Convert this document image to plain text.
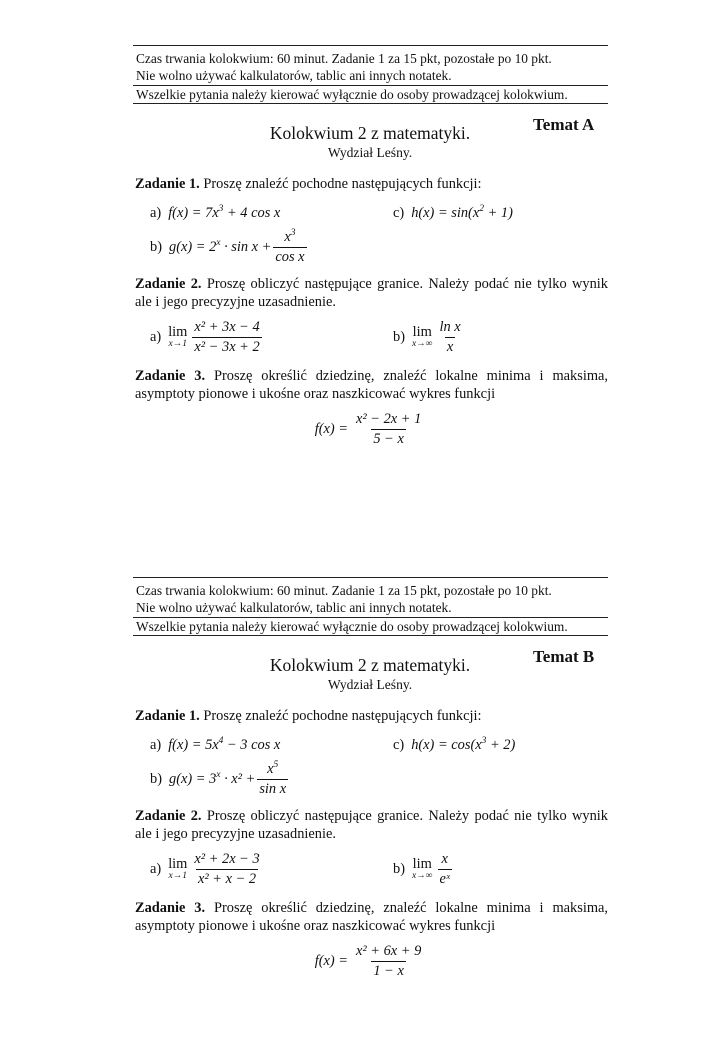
Czas trwania kolokwium: 60 minut. Zadanie 1 za 15 pkt, pozostałe po 10 pkt.
Nie wolno używać kalkulatorów, tablic ani innych notatek.
Wszelkie pytania należy kierować wyłącznie do osoby prowadzącej kolokwium.
Kolokwium 2 z matematyki.
Wydział Leśny.
Temat A
Zadanie 1. Proszę znaleźć pochodne następujących funkcji:
a) $f(x) = 7x^3 + 4$ cos x	c) $h(x) = \sin(x^2 + 1)$
b) $g(x) = 2^x \cdot \sin x + \frac{x^3}{\text{cos x}}$
Zadanie 2. Proszę obliczyć następujące granice. Należy podać nie tylko wynik ale i jego precyzyjne uzasadnienie.
a) lim
$x\to 1 \frac{\text{x² + 3x − 4}}{\text{x² − 3x + 2}}$	b) lim
$x\to\infty \frac{\text{ln x}}{x}$
Zadanie 3. Proszę określić dziedzinę, znaleźć lokalne minima i maksima, asymptoty pionowe i ukośne oraz naszkicować wykres funkcji
$f(x) = \frac{\text{x² − 2x + 1}}{5 - x}$
Czas trwania kolokwium: 60 minut. Zadanie 1 za 15 pkt, pozostałe po 10 pkt.
Nie wolno używać kalkulatorów, tablic ani innych notatek.
Wszelkie pytania należy kierować wyłącznie do osoby prowadzącej kolokwium.
Kolokwium 2 z matematyki.
Wydział Leśny.
Temat B
Zadanie 1. Proszę znaleźć pochodne następujących funkcji:
a) $f(x) = 5x^4 - 3$ cos x	c) $h(x) = \cos(x^3 + 2)$
b) $g(x) = 3^x \cdot x^2 + \frac{x^5}{\text{sin x}}$
Zadanie 2. Proszę obliczyć następujące granice. Należy podać nie tylko wynik ale i jego precyzyjne uzasadnienie.
a) lim
$x\to 1 \frac{\text{x² + 2x − 3}}{\text{x² + x − 2}}$	b) lim
$x\to\infty \frac{x}{\text{eˣ}}$
Zadanie 3. Proszę określić dziedzinę, znaleźć lokalne minima i maksima, asymptoty pionowe i ukośne oraz naszkicować wykres funkcji
$f(x) = \frac{\text{x² + 6x + 9}}{1 - x}$
